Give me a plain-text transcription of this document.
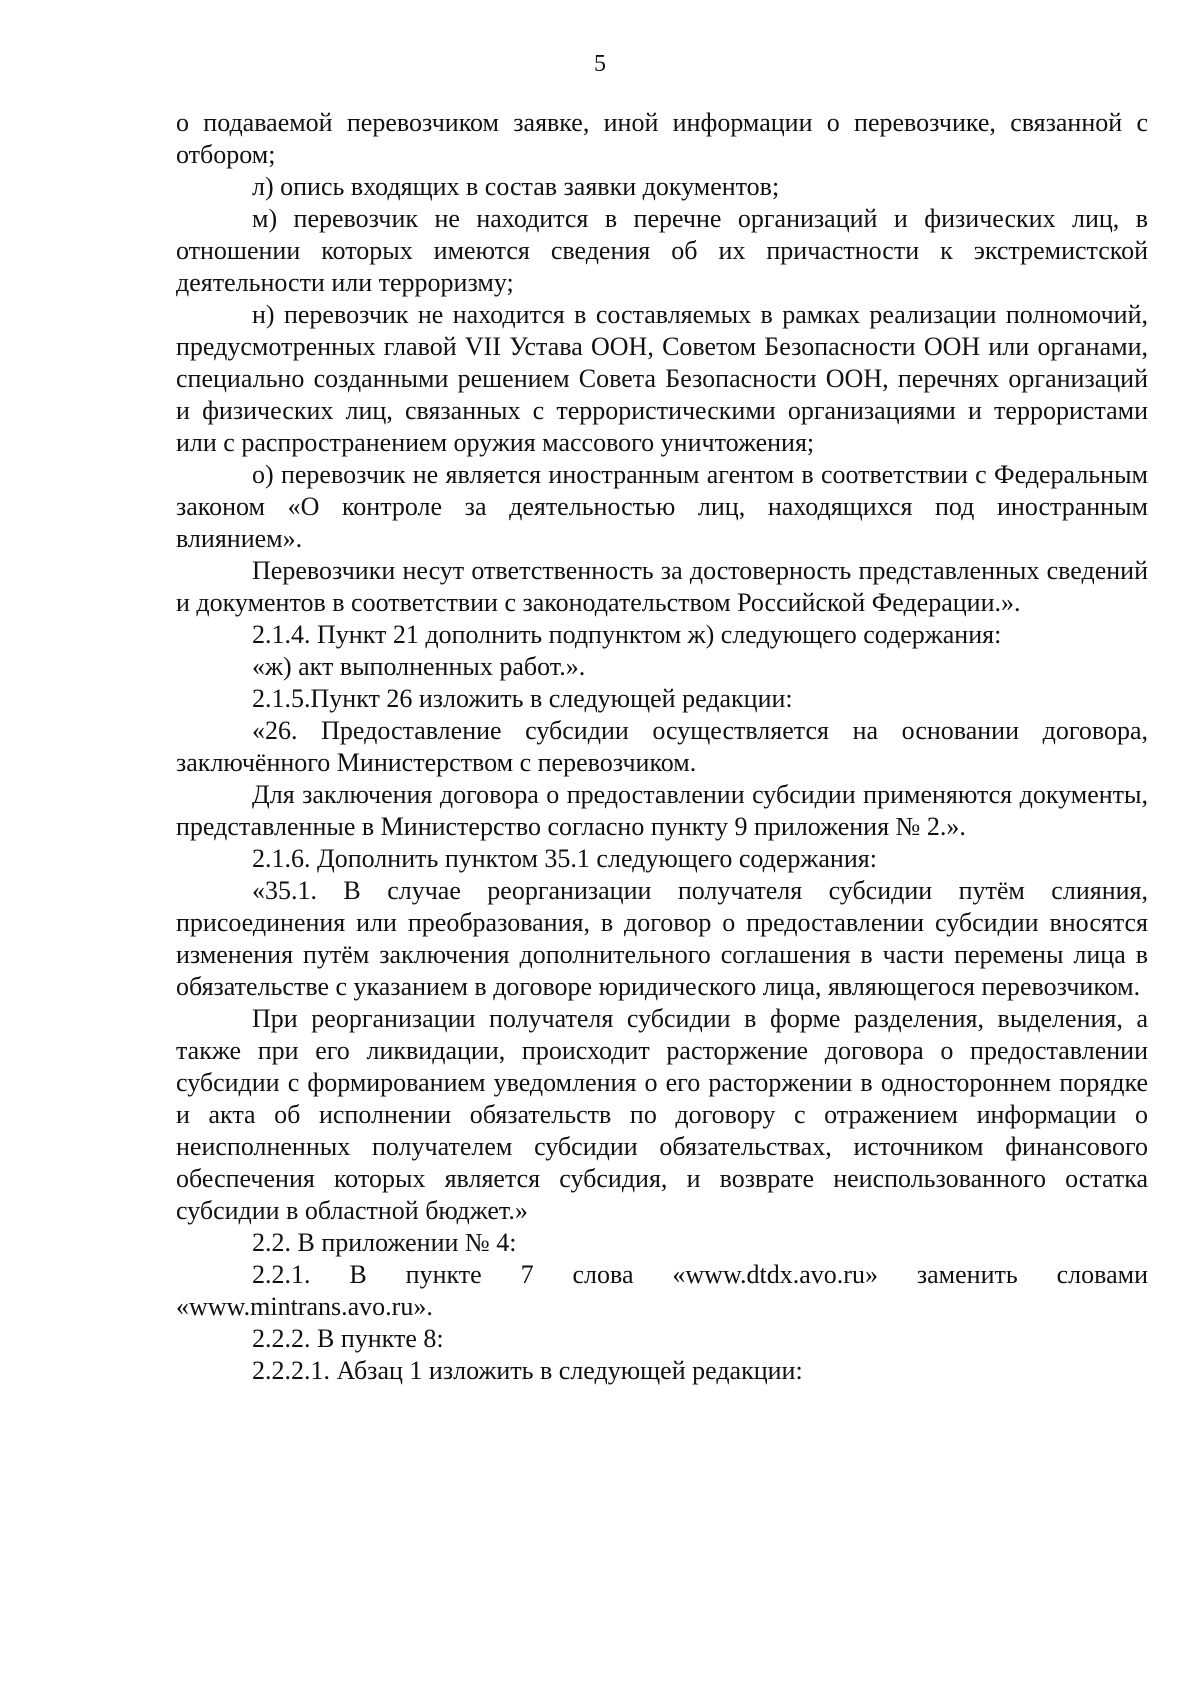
5

о подаваемой перевозчиком заявке, иной информации о перевозчике, связанной с отбором;

л) опись входящих в состав заявки документов;

м) перевозчик не находится в перечне организаций и физических лиц, в отношении которых имеются сведения об их причастности к экстремистской деятельности или терроризму;

н) перевозчик не находится в составляемых в рамках реализации полномочий, предусмотренных главой VII Устава ООН, Советом Безопасности ООН или органами, специально созданными решением Совета Безопасности ООН, перечнях организаций и физических лиц, связанных с террористическими организациями и террористами или с распространением оружия массового уничтожения;

о) перевозчик не является иностранным агентом в соответствии с Федеральным законом «О контроле за деятельностью лиц, находящихся под иностранным влиянием».

Перевозчики несут ответственность за достоверность представленных сведений и документов в соответствии с законодательством Российской Федерации.».

2.1.4. Пункт 21 дополнить подпунктом ж) следующего содержания:

«ж) акт выполненных работ.».

2.1.5.Пункт 26 изложить в следующей редакции:

«26. Предоставление субсидии осуществляется на основании договора, заключённого Министерством с перевозчиком.

Для заключения договора о предоставлении субсидии применяются документы, представленные в Министерство согласно пункту 9 приложения № 2.».

2.1.6. Дополнить пунктом 35.1 следующего содержания:

«35.1. В случае реорганизации получателя субсидии путём слияния, присоединения или преобразования, в договор о предоставлении субсидии вносятся изменения путём заключения дополнительного соглашения в части перемены лица в обязательстве с указанием в договоре юридического лица, являющегося перевозчиком.

При реорганизации получателя субсидии в форме разделения, выделения, а также при его ликвидации, происходит расторжение договора о предоставлении субсидии с формированием уведомления о его расторжении в одностороннем порядке и акта об исполнении обязательств по договору с отражением информации о неисполненных получателем субсидии обязательствах, источником финансового обеспечения которых является субсидия, и возврате неиспользованного остатка субсидии в областной бюджет.»

2.2. В приложении № 4:

2.2.1. В пункте 7 слова «www.dtdx.avo.ru» заменить словами «www.mintrans.avo.ru».

2.2.2. В пункте 8:

2.2.2.1. Абзац 1 изложить в следующей редакции:
